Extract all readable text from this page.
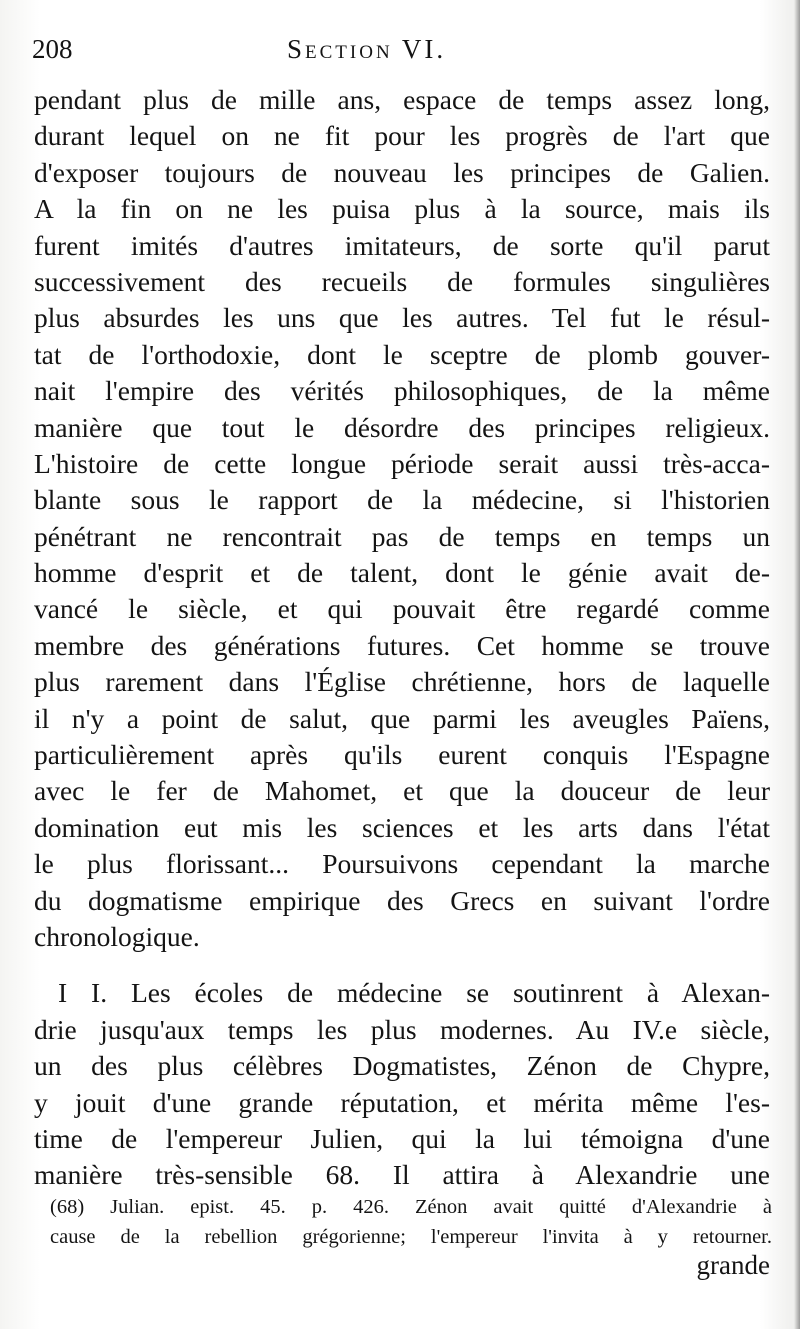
208	Section VI.
pendant plus de mille ans, espace de temps assez long,
durant lequel on ne fit pour les progrès de l'art que
d'exposer toujours de nouveau les principes de Galien.
A la fin on ne les puisa plus à la source, mais ils
furent imités d'autres imitateurs, de sorte qu'il parut
successivement des recueils de formules singulières
plus absurdes les uns que les autres. Tel fut le résul-
tat de l'orthodoxie, dont le sceptre de plomb gouver-
nait l'empire des vérités philosophiques, de la même
manière que tout le désordre des principes religieux.
L'histoire de cette longue période serait aussi très-acca-
blante sous le rapport de la médecine, si l'historien
pénétrant ne rencontrait pas de temps en temps un
homme d'esprit et de talent, dont le génie avait de-
vancé le siècle, et qui pouvait être regardé comme
membre des générations futures. Cet homme se trouve
plus rarement dans l'Église chrétienne, hors de laquelle
il n'y a point de salut, que parmi les aveugles Païens,
particulièrement après qu'ils eurent conquis l'Espagne
avec le fer de Mahomet, et que la douceur de leur
domination eut mis les sciences et les arts dans l'état
le plus florissant... Poursuivons cependant la marche
du dogmatisme empirique des Grecs en suivant l'ordre
chronologique.
I I. Les écoles de médecine se soutinrent à Alexan-
drie jusqu'aux temps les plus modernes. Au IV.e siècle,
un des plus célèbres Dogmatistes, Zénon de Chypre,
y jouit d'une grande réputation, et mérita même l'es-
time de l'empereur Julien, qui la lui témoigna d'une
manière très-sensible 68. Il attira à Alexandrie une
(68) Julian. epist. 45. p. 426. Zénon avait quitté d'Alexandrie à
cause de la rebellion grégorienne; l'empereur l'invita à y retourner.
grande
